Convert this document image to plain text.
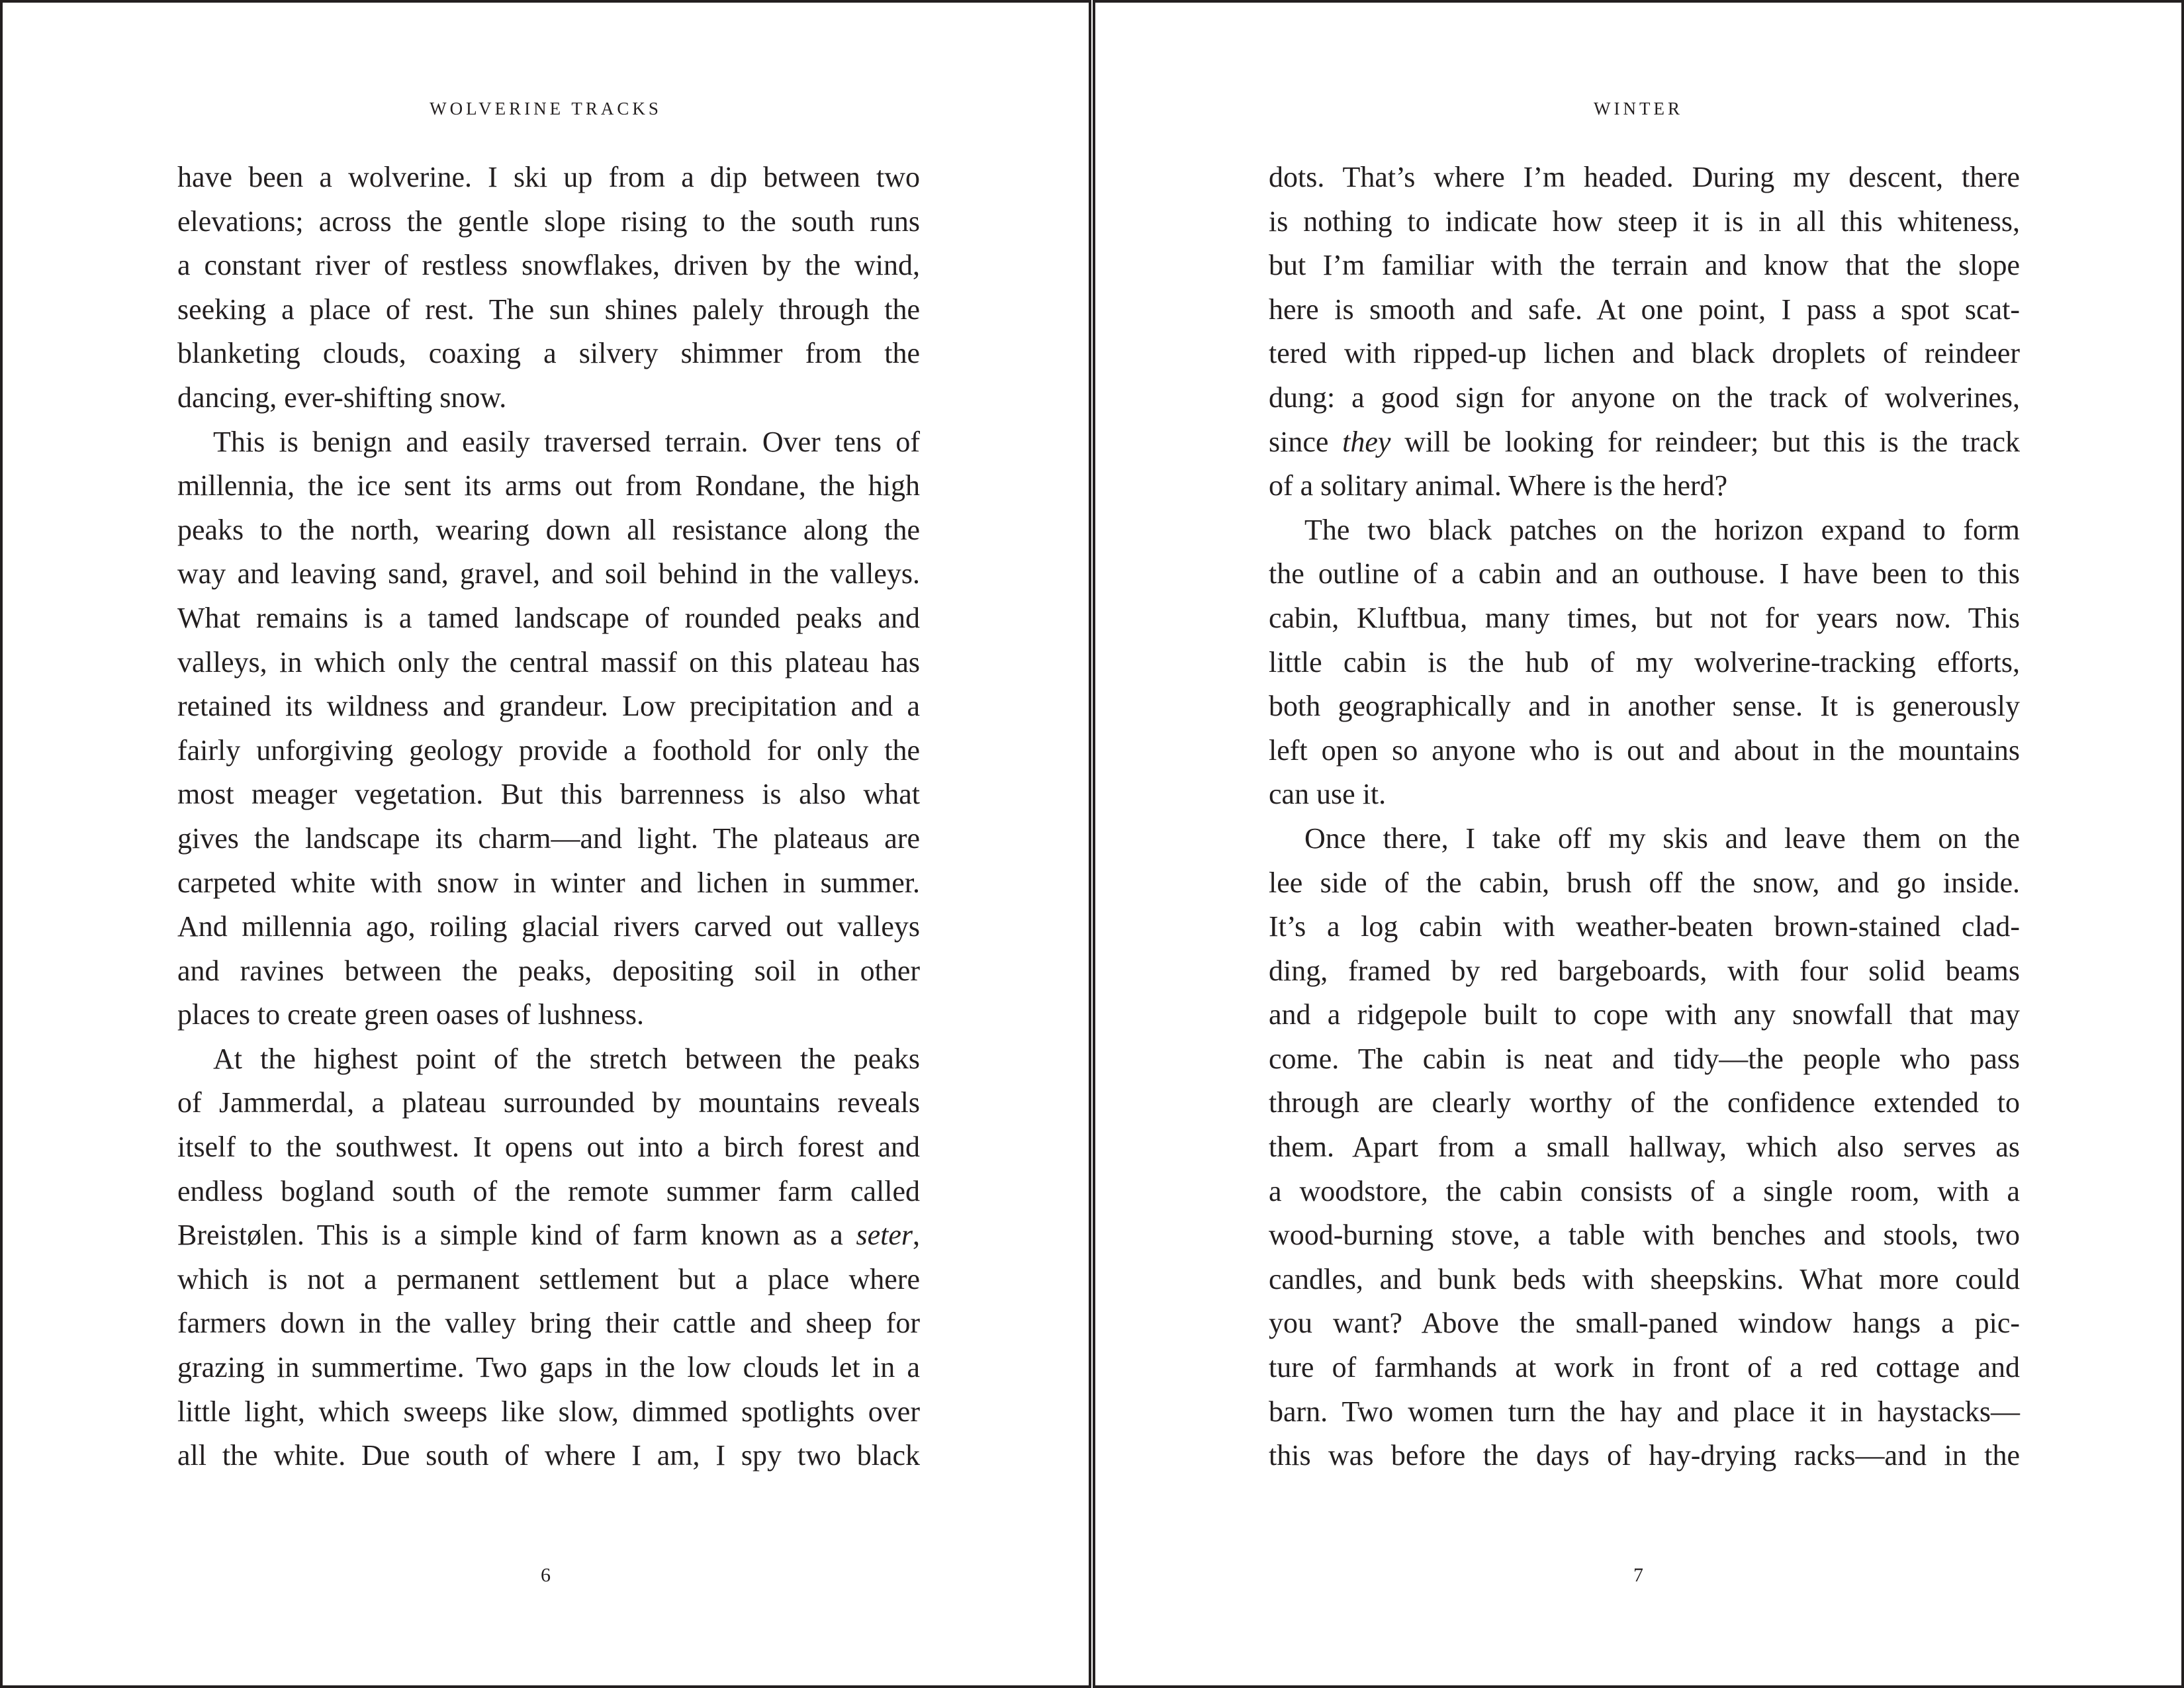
WOLVERINE TRACKS
have been a wolverine. I ski up from a dip between two
elevations; across the gentle slope rising to the south runs
a constant river of restless snowflakes, driven by the wind,
seeking a place of rest. The sun shines palely through the
blanketing clouds, coaxing a silvery shimmer from the
dancing, ever-shifting snow.
This is benign and easily traversed terrain. Over tens of
millennia, the ice sent its arms out from Rondane, the high
peaks to the north, wearing down all resistance along the
way and leaving sand, gravel, and soil behind in the valleys.
What remains is a tamed landscape of rounded peaks and
valleys, in which only the central massif on this plateau has
retained its wildness and grandeur. Low precipitation and a
fairly unforgiving geology provide a foothold for only the
most meager vegetation. But this barrenness is also what
gives the landscape its charm—and light. The plateaus are
carpeted white with snow in winter and lichen in summer.
And millennia ago, roiling glacial rivers carved out valleys
and ravines between the peaks, depositing soil in other
places to create green oases of lushness.
At the highest point of the stretch between the peaks
of Jammerdal, a plateau surrounded by mountains reveals
itself to the southwest. It opens out into a birch forest and
endless bogland south of the remote summer farm called
Breistølen. This is a simple kind of farm known as a seter,
which is not a permanent settlement but a place where
farmers down in the valley bring their cattle and sheep for
grazing in summertime. Two gaps in the low clouds let in a
little light, which sweeps like slow, dimmed spotlights over
all the white. Due south of where I am, I spy two black
6
WINTER
dots. That’s where I’m headed. During my descent, there
is nothing to indicate how steep it is in all this whiteness,
but I’m familiar with the terrain and know that the slope
here is smooth and safe. At one point, I pass a spot scat-
tered with ripped-up lichen and black droplets of reindeer
dung: a good sign for anyone on the track of wolverines,
since they will be looking for reindeer; but this is the track
of a solitary animal. Where is the herd?
The two black patches on the horizon expand to form
the outline of a cabin and an outhouse. I have been to this
cabin, Kluftbua, many times, but not for years now. This
little cabin is the hub of my wolverine-tracking efforts,
both geographically and in another sense. It is generously
left open so anyone who is out and about in the mountains
can use it.
Once there, I take off my skis and leave them on the
lee side of the cabin, brush off the snow, and go inside.
It’s a log cabin with weather-beaten brown-stained clad-
ding, framed by red bargeboards, with four solid beams
and a ridgepole built to cope with any snowfall that may
come. The cabin is neat and tidy—the people who pass
through are clearly worthy of the confidence extended to
them. Apart from a small hallway, which also serves as
a woodstore, the cabin consists of a single room, with a
wood-burning stove, a table with benches and stools, two
candles, and bunk beds with sheepskins. What more could
you want? Above the small-paned window hangs a pic-
ture of farmhands at work in front of a red cottage and
barn. Two women turn the hay and place it in haystacks—
this was before the days of hay-drying racks—and in the
7
